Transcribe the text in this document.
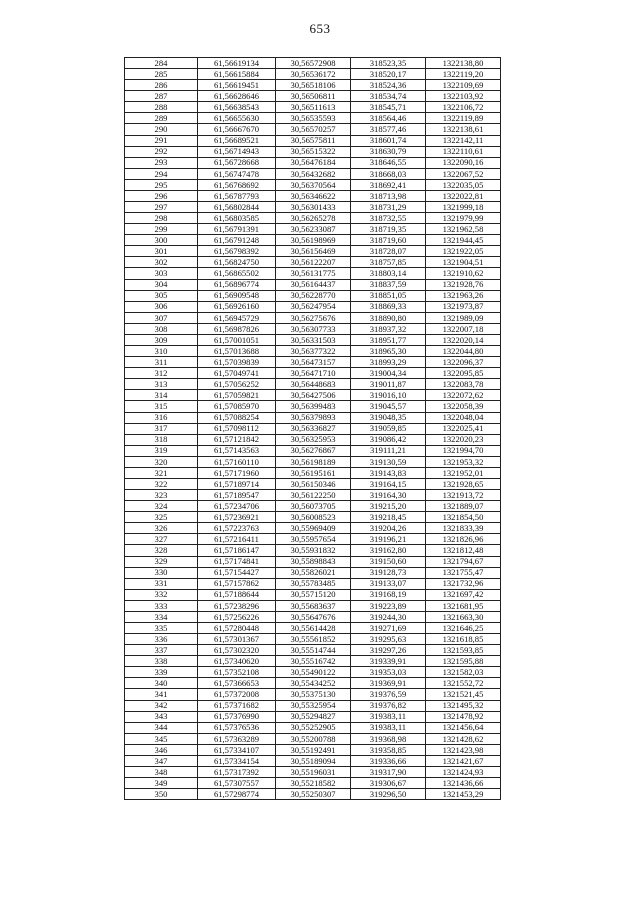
653
284	61,56619134	30,56572908	318523,35	1322138,80
285	61,56615884	30,56536172	318520,17	1322119,20
286	61,56619451	30,56518106	318524,36	1322109,69
287	61,56628646	30,56506811	318534,74	1322103,92
288	61,56638543	30,56511613	318545,71	1322106,72
289	61,56655630	30,56535593	318564,46	1322119,89
290	61,56667670	30,56570257	318577,46	1322138,61
291	61,56689521	30,56575811	318601,74	1322142,11
292	61,56714943	30,56515322	318630,79	1322110,61
293	61,56728668	30,56476184	318646,55	1322090,16
294	61,56747478	30,56432682	318668,03	1322067,52
295	61,56768692	30,56370564	318692,41	1322035,05
296	61,56787793	30,56346622	318713,98	1322022,81
297	61,56802844	30,56301433	318731,29	1321999,18
298	61,56803585	30,56265278	318732,55	1321979,99
299	61,56791391	30,56233087	318719,35	1321962,58
300	61,56791248	30,56198969	318719,60	1321944,45
301	61,56798392	30,56156469	318728,07	1321922,05
302	61,56824750	30,56122207	318757,85	1321904,51
303	61,56865502	30,56131775	318803,14	1321910,62
304	61,56896774	30,56164437	318837,59	1321928,76
305	61,56909548	30,56228770	318851,05	1321963,26
306	61,56926160	30,56247954	318869,33	1321973,87
307	61,56945729	30,56275676	318890,80	1321989,09
308	61,56987826	30,56307733	318937,32	1322007,18
309	61,57001051	30,56331503	318951,77	1322020,14
310	61,57013688	30,56377322	318965,30	1322044,80
311	61,57039839	30,56473157	318993,29	1322096,37
312	61,57049741	30,56471710	319004,34	1322095,85
313	61,57056252	30,56448683	319011,87	1322083,78
314	61,57059821	30,56427506	319016,10	1322072,62
315	61,57085970	30,56399483	319045,57	1322058,39
316	61,57088254	30,56379893	319048,35	1322048,04
317	61,57098112	30,56336827	319059,85	1322025,41
318	61,57121842	30,56325953	319086,42	1322020,23
319	61,57143563	30,56276867	319111,21	1321994,70
320	61,57160110	30,56198189	319130,59	1321953,32
321	61,57171960	30,56195161	319143,83	1321952,01
322	61,57189714	30,56150346	319164,15	1321928,65
323	61,57189547	30,56122250	319164,30	1321913,72
324	61,57234706	30,56073705	319215,20	1321889,07
325	61,57236921	30,56008523	319218,45	1321854,50
326	61,57223763	30,55969409	319204,26	1321833,39
327	61,57216411	30,55957654	319196,21	1321826,96
328	61,57186147	30,55931832	319162,80	1321812,48
329	61,57174841	30,55898843	319150,60	1321794,67
330	61,57154427	30,55826021	319128,73	1321755,47
331	61,57157862	30,55783485	319133,07	1321732,96
332	61,57188644	30,55715120	319168,19	1321697,42
333	61,57238296	30,55683637	319223,89	1321681,95
334	61,57256226	30,55647676	319244,30	1321663,30
335	61,57280448	30,55614428	319271,69	1321646,25
336	61,57301367	30,55561852	319295,63	1321618,85
337	61,57302320	30,55514744	319297,26	1321593,85
338	61,57340620	30,55516742	319339,91	1321595,88
339	61,57352108	30,55490122	319353,03	1321582,03
340	61,57366653	30,55434252	319369,91	1321552,72
341	61,57372008	30,55375130	319376,59	1321521,45
342	61,57371682	30,55325954	319376,82	1321495,32
343	61,57376990	30,55294827	319383,11	1321478,92
344	61,57376536	30,55252905	319383,11	1321456,64
345	61,57363289	30,55200788	319368,98	1321428,62
346	61,57334107	30,55192491	319358,85	1321423,98
347	61,57334154	30,55189094	319336,66	1321421,67
348	61,57317392	30,55196031	319317,90	1321424,93
349	61,57307557	30,55218582	319306,67	1321436,66
350	61,57298774	30,55250307	319296,50	1321453,29
